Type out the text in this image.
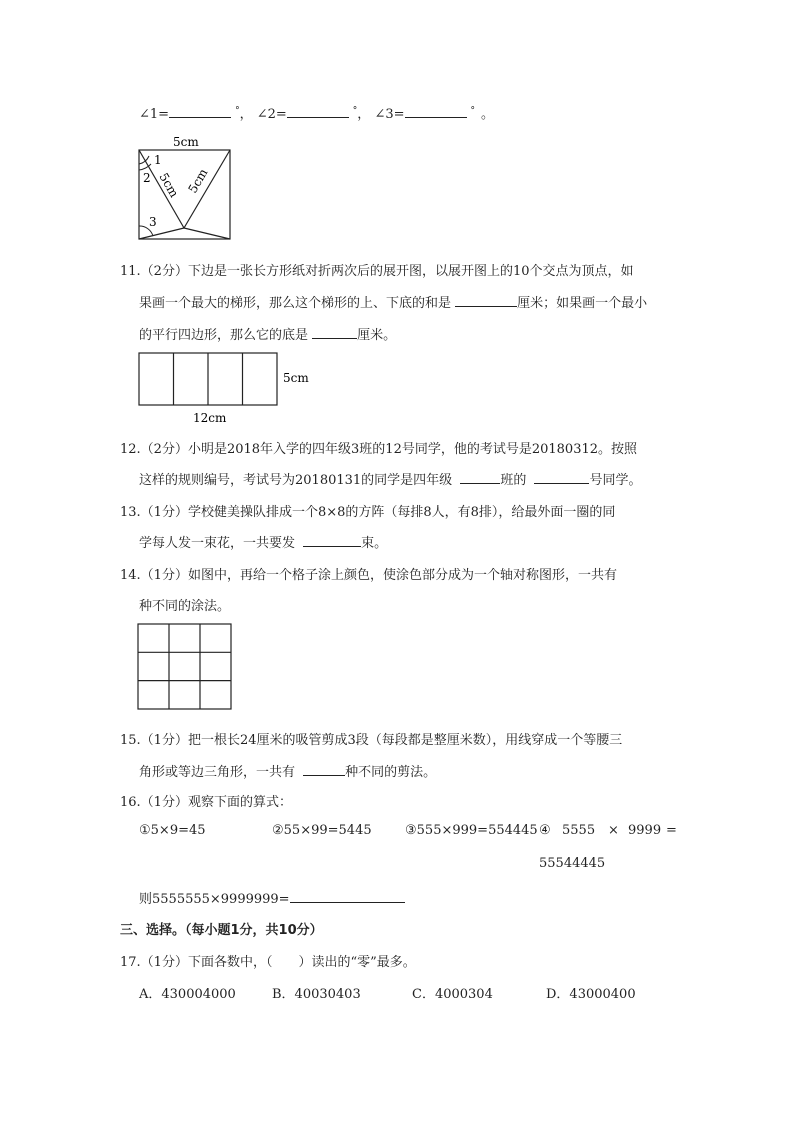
∠1=	°， ∠2=	°， ∠3=	° 。
5cm
1
2
3
5cm 5cm
11.（2分）下边是一张长方形纸对折两次后的展开图，以展开图上的10个交点为顶点，如
果画一个最大的梯形，那么这个梯形的上、下底的和是	厘米；如果画一个最小
的平行四边形，那么它的底是	厘米。
5cm
12cm
12.（2分）小明是2018年入学的四年级3班的12号同学，他的考试号是20180312。按照
这样的规则编号，考试号为20180131的同学是四年级	班的	号同学。
13.（1分）学校健美操队排成一个8×8的方阵（每排8人，有8排），给最外面一圈的同
学每人发一束花，一共要发	束。
14.（1分）如图中，再给一个格子涂上颜色，使涂色部分成为一个轴对称图形，一共有
种不同的涂法。
15.（1分）把一根长24厘米的吸管剪成3段（每段都是整厘米数），用线穿成一个等腰三
角形或等边三角形，一共有	种不同的剪法。
16.（1分）观察下面的算式：
①5×9=45	②55×99=5445	③555×999=554445 ④ 5555 × 9999 =
55544445
则5555555×9999999=
三、选择。（每小题1分，共10分）
17.（1分）下面各数中，（　　）读出的“零”最多。
A．430004000	B．40030403	C．4000304	D．43000400
